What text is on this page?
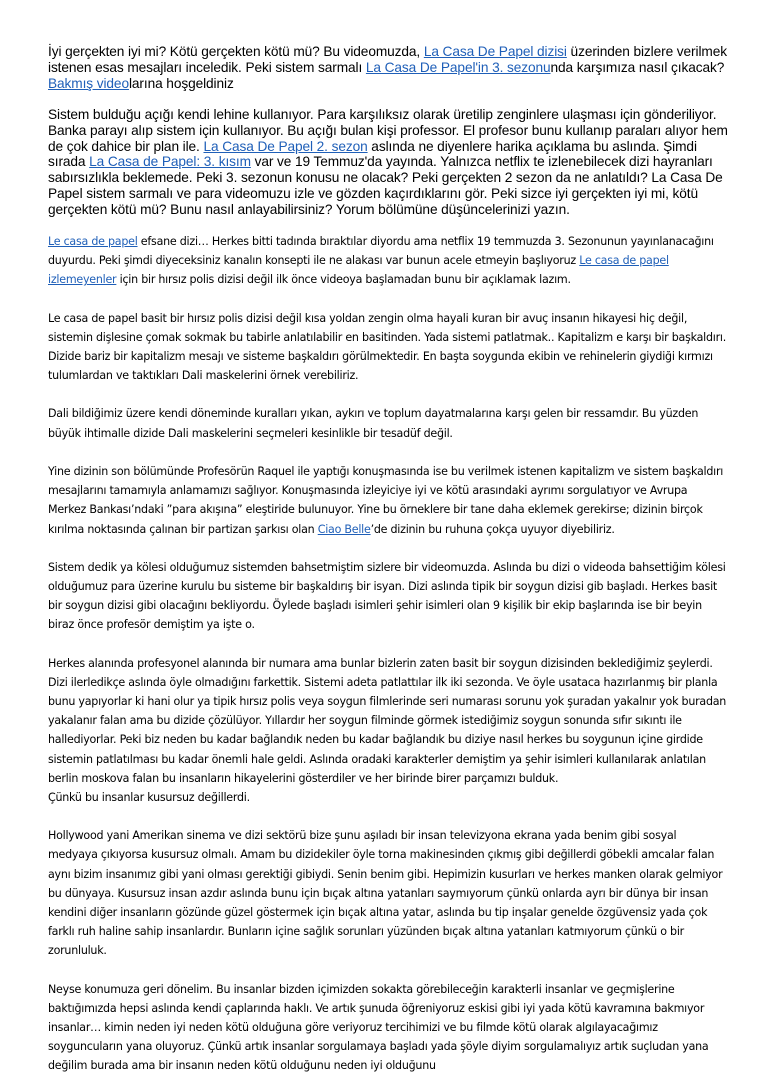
İyi gerçekten iyi mi? Kötü gerçekten kötü mü? Bu videomuzda, La Casa De Papel dizisi üzerinden bizlere verilmek istenen esas mesajları inceledik. Peki sistem sarmalı La Casa De Papel'in 3. sezonunda karşımıza nasıl çıkacak? Bakmış videolarına hoşgeldiniz

Sistem bulduğu açığı kendi lehine kullanıyor. Para karşılıksız olarak üretilip zenginlere ulaşması için gönderiliyor. Banka parayı alıp sistem için kullanıyor. Bu açığı bulan kişi professor. El profesor bunu kullanıp paraları alıyor hem de çok dahice bir plan ile. La Casa De Papel 2. sezon aslında ne diyenlere harika açıklama bu aslında. Şimdi sırada La Casa de Papel: 3. kısım var ve 19 Temmuz'da yayında. Yalnızca netflix te izlenebilecek dizi hayranları sabırsızlıkla beklemede. Peki 3. sezonun konusu ne olacak? Peki gerçekten 2 sezon da ne anlatıldı? La Casa De Papel sistem sarmalı ve para videomuzu izle ve gözden kaçırdıklarını gör. Peki sizce iyi gerçekten iyi mi, kötü gerçekten kötü mü? Bunu nasıl anlayabilirsiniz? Yorum bölümüne düşüncelerinizi yazın.

Le casa de papel efsane dizi… Herkes bitti tadında bıraktılar diyordu ama netflix 19 temmuzda 3. Sezonunun yayınlanacağını duyurdu. Peki şimdi diyeceksiniz kanalın konsepti ile ne alakası var bunun acele etmeyin başlıyoruz Le casa de papel izlemeyenler için bir hırsız polis dizisi değil ilk önce videoya başlamadan bunu bir açıklamak lazım.

Le casa de papel basit bir hırsız polis dizisi değil kısa yoldan zengin olma hayali kuran bir avuç insanın hikayesi hiç değil, sistemin dişlesine çomak sokmak bu tabirle anlatılabilir en basitinden. Yada sistemi patlatmak.. Kapitalizm e karşı bir başkaldırı. Dizide bariz bir kapitalizm mesajı ve sisteme başkaldırı görülmektedir. En başta soygunda ekibin ve rehinelerin giydiği kırmızı tulumlardan ve taktıkları Dali maskelerini örnek verebiliriz.

Dali bildiğimiz üzere kendi döneminde kuralları yıkan, aykırı ve toplum dayatmalarına karşı gelen bir ressamdır. Bu yüzden büyük ihtimalle dizide Dali maskelerini seçmeleri kesinlikle bir tesadüf değil.

Yine dizinin son bölümünde Profesörün Raquel ile yaptığı konuşmasında ise bu verilmek istenen kapitalizm ve sistem başkaldırı mesajlarını tamamıyla anlamamızı sağlıyor. Konuşmasında izleyiciye iyi ve kötü arasındaki ayrımı sorgulatıyor ve Avrupa Merkez Bankası’ndaki ”para akışına” eleştiride bulunuyor. Yine bu örneklere bir tane daha eklemek gerekirse; dizinin birçok kırılma noktasında çalınan bir partizan şarkısı olan Ciao Belle’de dizinin bu ruhuna çokça uyuyor diyebiliriz.

Sistem dedik ya kölesi olduğumuz sistemden bahsetmiştim sizlere bir videomuzda. Aslında bu dizi o videoda bahsettiğim kölesi olduğumuz para üzerine kurulu bu sisteme bir başkaldırış bir isyan. Dizi aslında tipik bir soygun dizisi gib başladı. Herkes basit bir soygun dizisi gibi olacağını bekliyordu. Öylede başladı isimleri şehir isimleri olan 9 kişilik bir ekip başlarında ise bir beyin biraz önce profesör demiştim ya işte o.

Herkes alanında profesyonel alanında bir numara ama bunlar bizlerin zaten basit bir soygun dizisinden beklediğimiz şeylerdi. Dizi ilerledikçe aslında öyle olmadığını farkettik. Sistemi adeta patlattılar ilk iki sezonda. Ve öyle usataca hazırlanmış bir planla bunu yapıyorlar ki hani olur ya tipik hırsız polis veya soygun filmlerinde seri numarası sorunu yok şuradan yakalnır yok buradan yakalanır falan ama bu dizide çözülüyor. Yıllardır her soygun filminde görmek istediğimiz soygun sonunda sıfır sıkıntı ile hallediyorlar. Peki biz neden bu kadar bağlandık neden bu kadar bağlandık bu diziye nasıl herkes bu soygunun içine girdide sistemin patlatılması bu kadar önemli hale geldi. Aslında oradaki karakterler demiştim ya şehir isimleri kullanılarak anlatılan berlin moskova falan bu insanların hikayelerini gösterdiler ve her birinde birer parçamızı bulduk.

Çünkü bu insanlar kusursuz değillerdi.

Hollywood yani Amerikan sinema ve dizi sektörü bize şunu aşıladı bir insan televizyona ekrana yada benim gibi sosyal medyaya çıkıyorsa kusursuz olmalı. Amam bu dizidekiler öyle torna makinesinden çıkmış gibi değillerdi göbekli amcalar falan aynı bizim insanımız gibi yani olması gerektiği gibiydi. Senin benim gibi. Hepimizin kusurları ve herkes manken olarak gelmiyor bu dünyaya. Kusursuz insan azdır aslında bunu için bıçak altına yatanları saymıyorum çünkü onlarda ayrı bir dünya bir insan kendini diğer insanların gözünde güzel göstermek için bıçak altına yatar, aslında bu tip inşalar genelde özgüvensiz yada çok farklı ruh haline sahip insanlardır. Bunların içine sağlık sorunları yüzünden bıçak altına yatanları katmıyorum çünkü o bir zorunluluk.

Neyse konumuza geri dönelim. Bu insanlar bizden içimizden sokakta görebileceğin karakterli insanlar ve geçmişlerine baktığımızda hepsi aslında kendi çaplarında haklı. Ve artık şunuda öğreniyoruz eskisi gibi iyi yada kötü kavramına bakmıyor insanlar… kimin neden iyi neden kötü olduğuna göre veriyoruz tercihimizi ve bu filmde kötü olarak algılayacağımız soyguncuların yana oluyoruz. Çünkü artık insanlar sorgulamaya başladı yada şöyle diyim sorgulamalıyız artık suçludan yana değilim burada ama bir insanın neden kötü olduğunu neden iyi olduğunu
